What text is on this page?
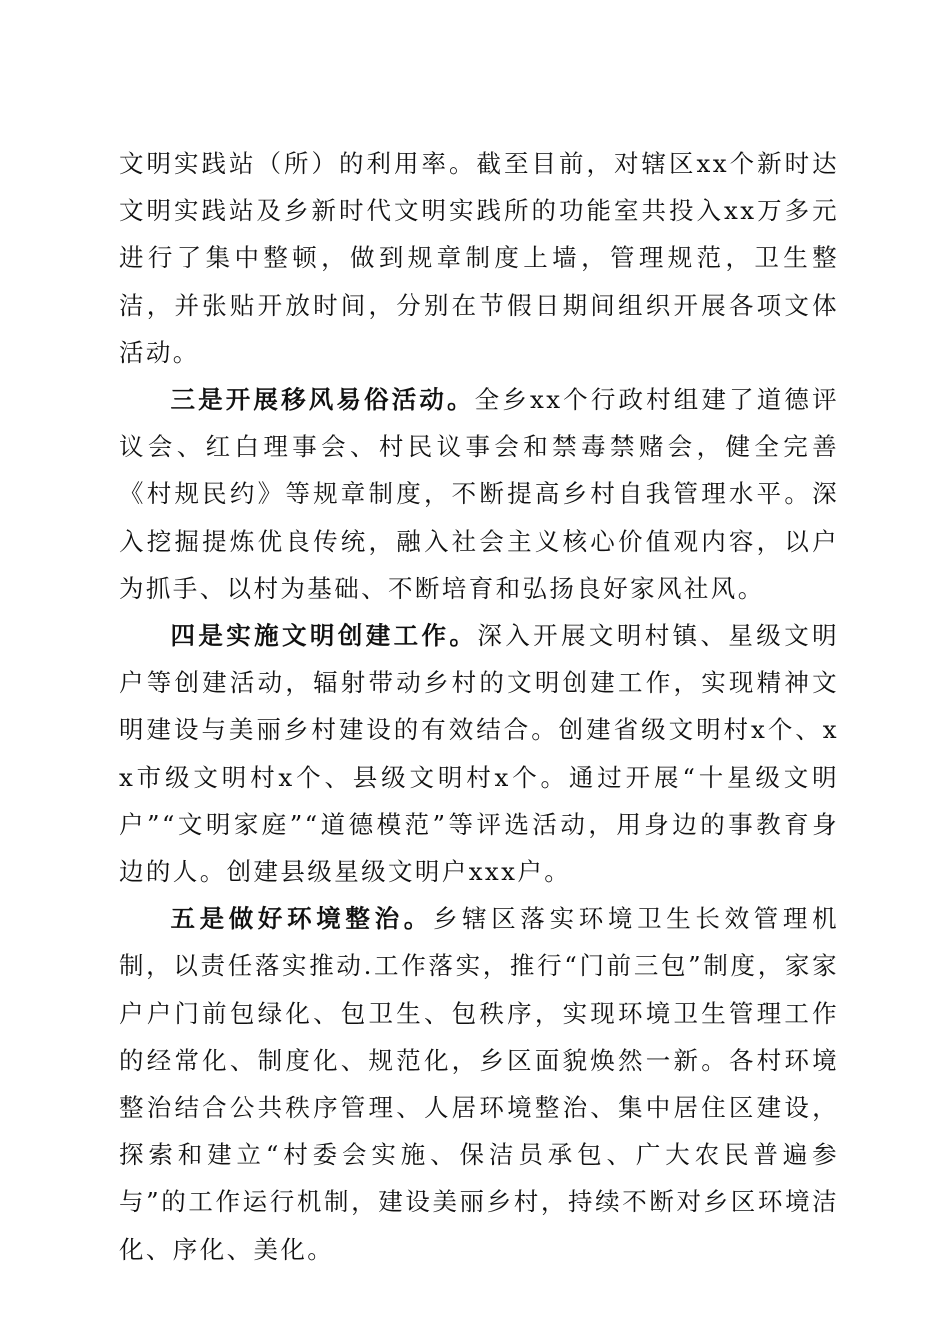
文明实践站（所）的利用率。截至目前，对辖区xx个新时达文明实践站及乡新时代文明实践所的功能室共投入xx万多元进行了集中整顿，做到规章制度上墙，管理规范，卫生整洁，并张贴开放时间，分别在节假日期间组织开展各项文体活动。

三是开展移风易俗活动。全乡xx个行政村组建了道德评议会、红白理事会、村民议事会和禁毒禁赌会，健全完善《村规民约》等规章制度，不断提高乡村自我管理水平。深入挖掘提炼优良传统，融入社会主义核心价值观内容，以户为抓手、以村为基础、不断培育和弘扬良好家风社风。

四是实施文明创建工作。深入开展文明村镇、星级文明户等创建活动，辐射带动乡村的文明创建工作，实现精神文明建设与美丽乡村建设的有效结合。创建省级文明村x个、xx市级文明村x个、县级文明村x个。通过开展“十星级文明户”“文明家庭”“道德模范”等评选活动，用身边的事教育身边的人。创建县级星级文明户xxx户。

五是做好环境整治。乡辖区落实环境卫生长效管理机制，以责任落实推动.工作落实，推行“门前三包”制度，家家户户门前包绿化、包卫生、包秩序，实现环境卫生管理工作的经常化、制度化、规范化，乡区面貌焕然一新。各村环境整治结合公共秩序管理、人居环境整治、集中居住区建设，探索和建立“村委会实施、保洁员承包、广大农民普遍参与”的工作运行机制，建设美丽乡村，持续不断对乡区环境洁化、序化、美化。
